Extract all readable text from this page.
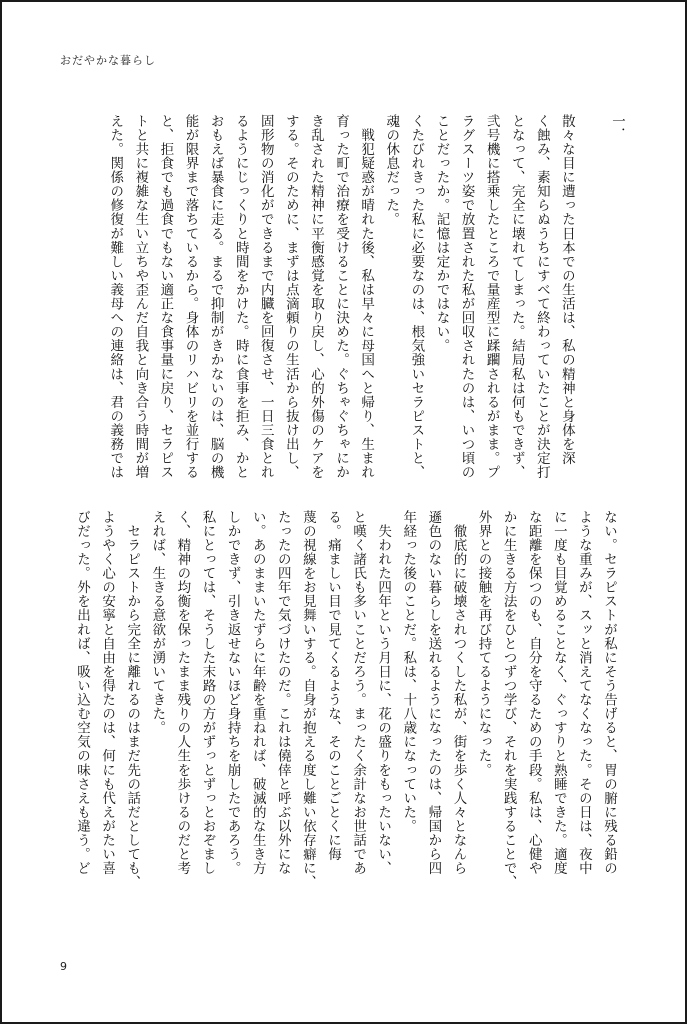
おだやかな暮らし
一．
散々な目に遭った日本での生活は、私の精神と身体を深
く蝕み、素知らぬうちにすべて終わっていたことが決定打
となって、完全に壊れてしまった。結局私は何もできず、
弐号機に搭乗したところで量産型に蹂躙されるがまま。プ
ラグスーツ姿で放置された私が回収されたのは、いつ頃の
ことだったか。記憶は定かではない。
くたびれきった私に必要なのは、根気強いセラピストと、
魂の休息だった。
　戦犯疑惑が晴れた後、私は早々に母国へと帰り、生まれ
育った町で治療を受けることに決めた。ぐちゃぐちゃにか
き乱された精神に平衡感覚を取り戻し、心的外傷のケアを
する。そのために、まずは点滴頼りの生活から抜け出し、
固形物の消化ができるまで内臓を回復させ、一日三食とれ
るようにじっくりと時間をかけた。時に食事を拒み、かと
おもえば暴食に走る。まるで抑制がきかないのは、脳の機
能が限界まで落ちているから。身体のリハビリを並行する
と、拒食でも過食でもない適正な食事量に戻り、セラピス
トと共に複雑な生い立ちや歪んだ自我と向き合う時間が増
えた。関係の修復が難しい義母への連絡は、君の義務では
ない。セラピストが私にそう告げると、胃の腑に残る鉛の
ような重みが、スッと消えてなくなった。その日は、夜中
に一度も目覚めることなく、ぐっすりと熟睡できた。適度
な距離を保つのも、自分を守るための手段。私は、心健や
かに生きる方法をひとつずつ学び、それを実践することで、
外界との接触を再び持てるようになった。
　徹底的に破壊されつくした私が、街を歩く人々となんら
遜色のない暮らしを送れるようになったのは、帰国から四
年経った後のことだ。私は、十八歳になっていた。
　失われた四年という月日に、花の盛りをもったいない、
と嘆く諸氏も多いことだろう。まったく余計なお世話であ
る。痛ましい目で見てくるような、そのことごとくに侮
蔑の視線をお見舞いする。自身が抱える度し難い依存癖に、
たったの四年で気づけたのだ。これは僥倖と呼ぶ以外にな
い。あのままいたずらに年齢を重ねれば、破滅的な生き方
しかできず、引き返せないほど身持ちを崩したであろう。
私にとっては、そうした末路の方がずっとずっとおぞまし
く、精神の均衡を保ったまま残りの人生を歩けるのだと考
えれば、生きる意欲が湧いてきた。
　セラピストから完全に離れるのはまだ先の話だとしても、
ようやく心の安寧と自由を得たのは、何にも代えがたい喜
びだった。外を出れば、吸い込む空気の味さえも違う。ど
9
